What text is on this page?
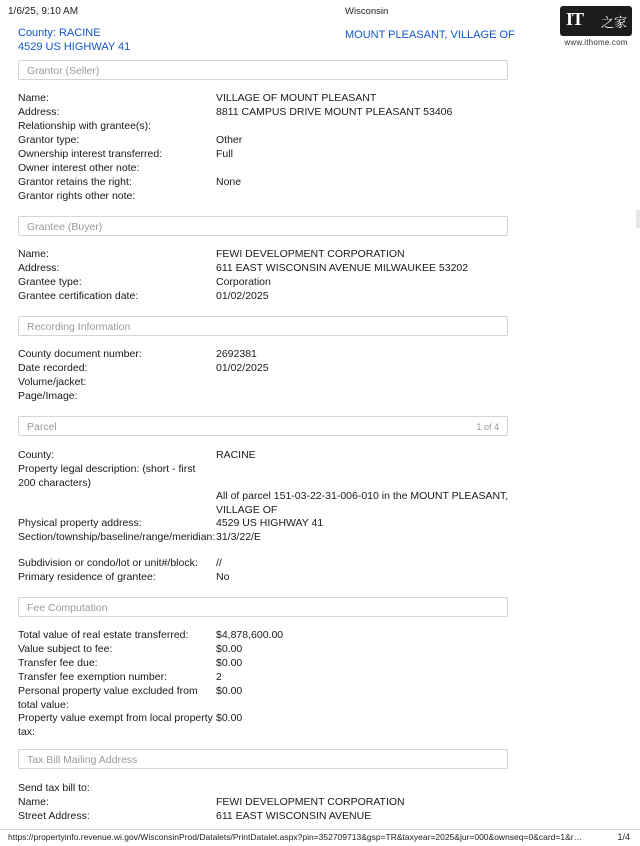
1/6/25, 9:10 AM	Wisconsin	IT 之家
www.ithome.com
County: RACINE
4529 US HIGHWAY 41
MOUNT PLEASANT, VILLAGE OF
Grantor (Seller)
Name:	VILLAGE OF MOUNT PLEASANT
Address:	8811 CAMPUS DRIVE MOUNT PLEASANT 53406
Relationship with grantee(s):
Grantor type:	Other
Ownership interest transferred:	Full
Owner interest other note:
Grantor retains the right:	None
Grantor rights other note:
Grantee (Buyer)
Name:	FEWI DEVELOPMENT CORPORATION
Address:	611 EAST WISCONSIN AVENUE MILWAUKEE 53202
Grantee type:	Corporation
Grantee certification date:	01/02/2025
Recording Information
County document number:	2692381
Date recorded:	01/02/2025
Volume/jacket:
Page/Image:
Parcel	1 of 4
County:	RACINE
Property legal description: (short - first 200 characters)
All of parcel 151-03-22-31-006-010 in the MOUNT PLEASANT, VILLAGE OF
Physical property address:	4529 US HIGHWAY 41
Section/township/baseline/range/meridian: 31/3/22/E
Subdivision or condo/lot or unit#/block:	//
Primary residence of grantee:	No
Fee Computation
Total value of real estate transferred:	$4,878,600.00
Value subject to fee:	$0.00
Transfer fee due:	$0.00
Transfer fee exemption number:	2
Personal property value excluded from total value:
$0.00
Property value exempt from local property tax:
$0.00
Tax Bill Mailing Address
Send tax bill to:
Name:	FEWI DEVELOPMENT CORPORATION
Street Address:	611 EAST WISCONSIN AVENUE
https://propertyinfo.revenue.wi.gov/WisconsinProd/Datalets/PrintDatalet.aspx?pin=352709713&gsp=TR&taxyear=2025&jur=000&ownseq=0&card=1&r…	1/4
